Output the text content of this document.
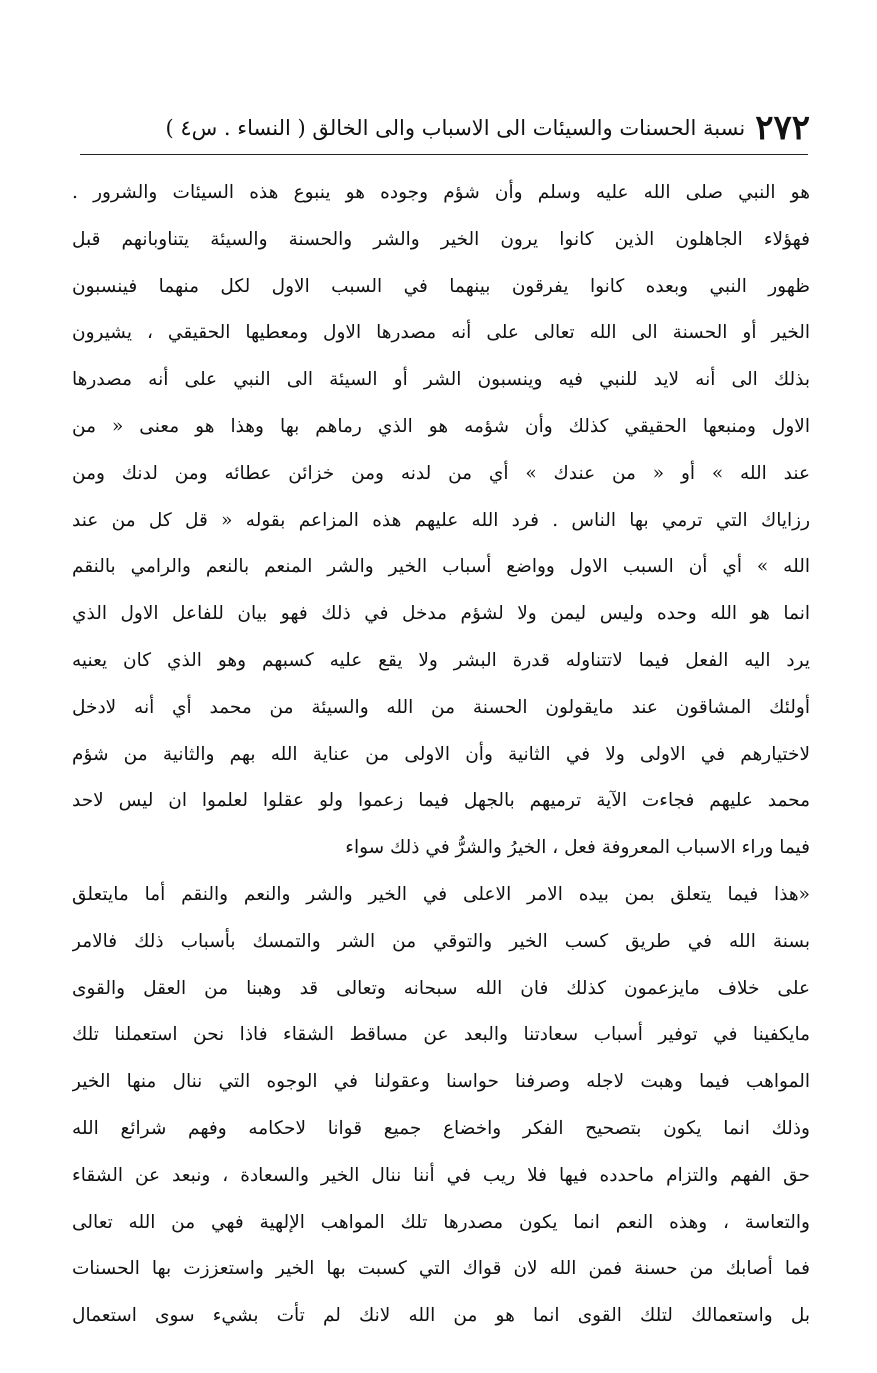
٢٧٢
نسبة الحسنات والسيئات الى الاسباب والى الخالق ( النساء . س٤ )
هو النبي صلى الله عليه وسلم وأن شؤم وجوده هو ينبوع هذه السيئات والشرور .
فهؤلاء الجاهلون الذين كانوا يرون الخير والشر والحسنة والسيئة يتناوبانهم قبل
ظهور النبي وبعده كانوا يفرقون بينهما في السبب الاول لكل منهما فينسبون
الخير أو الحسنة الى الله تعالى على أنه مصدرها الاول ومعطيها الحقيقي ، يشيرون
بذلك الى أنه لايد للنبي فيه وينسبون الشر أو السيئة الى النبي على أنه مصدرها
الاول ومنبعها الحقيقي كذلك وأن شؤمه هو الذي رماهم بها وهذا هو معنى « من
عند الله » أو « من عندك » أي من لدنه ومن خزائن عطائه ومن لدنك ومن
رزاياك التي ترمي بها الناس . فرد الله عليهم هذه المزاعم بقوله « قل كل من عند
الله » أي أن السبب الاول وواضع أسباب الخير والشر المنعم بالنعم والرامي بالنقم
انما هو الله وحده وليس ليمن ولا لشؤم مدخل في ذلك فهو بيان للفاعل الاول الذي
يرد اليه الفعل فيما لاتتناوله قدرة البشر ولا يقع عليه كسبهم وهو الذي كان يعنيه
أولئك المشاقون عند مايقولون الحسنة من الله والسيئة من محمد أي أنه لادخل
لاختيارهم في الاولى ولا في الثانية وأن الاولى من عناية الله بهم والثانية من شؤم
محمد عليهم فجاءت الآية ترميهم بالجهل فيما زعموا ولو عقلوا لعلموا ان ليس لاحد
فيما وراء الاسباب المعروفة فعل ، الخيرُ والشرُّ في ذلك سواء
«هذا فيما يتعلق بمن بيده الامر الاعلى في الخير والشر والنعم والنقم أما مايتعلق
بسنة الله في طريق كسب الخير والتوقي من الشر والتمسك بأسباب ذلك فالامر
على خلاف مايزعمون كذلك فان الله سبحانه وتعالى قد وهبنا من العقل والقوى
مايكفينا في توفير أسباب سعادتنا والبعد عن مساقط الشقاء فاذا نحن استعملنا تلك
المواهب فيما وهبت لاجله وصرفنا حواسنا وعقولنا في الوجوه التي ننال منها الخير
وذلك انما يكون بتصحيح الفكر واخضاع جميع قوانا لاحكامه وفهم شرائع الله
حق الفهم والتزام ماحدده فيها فلا ريب في أننا ننال الخير والسعادة ، ونبعد عن الشقاء
والتعاسة ، وهذه النعم انما يكون مصدرها تلك المواهب الإلهية فهي من الله تعالى
فما أصابك من حسنة فمن الله لان قواك التي كسبت بها الخير واستعززت بها الحسنات
بل واستعمالك لتلك القوى انما هو من الله لانك لم تأت بشيء سوى استعمال
